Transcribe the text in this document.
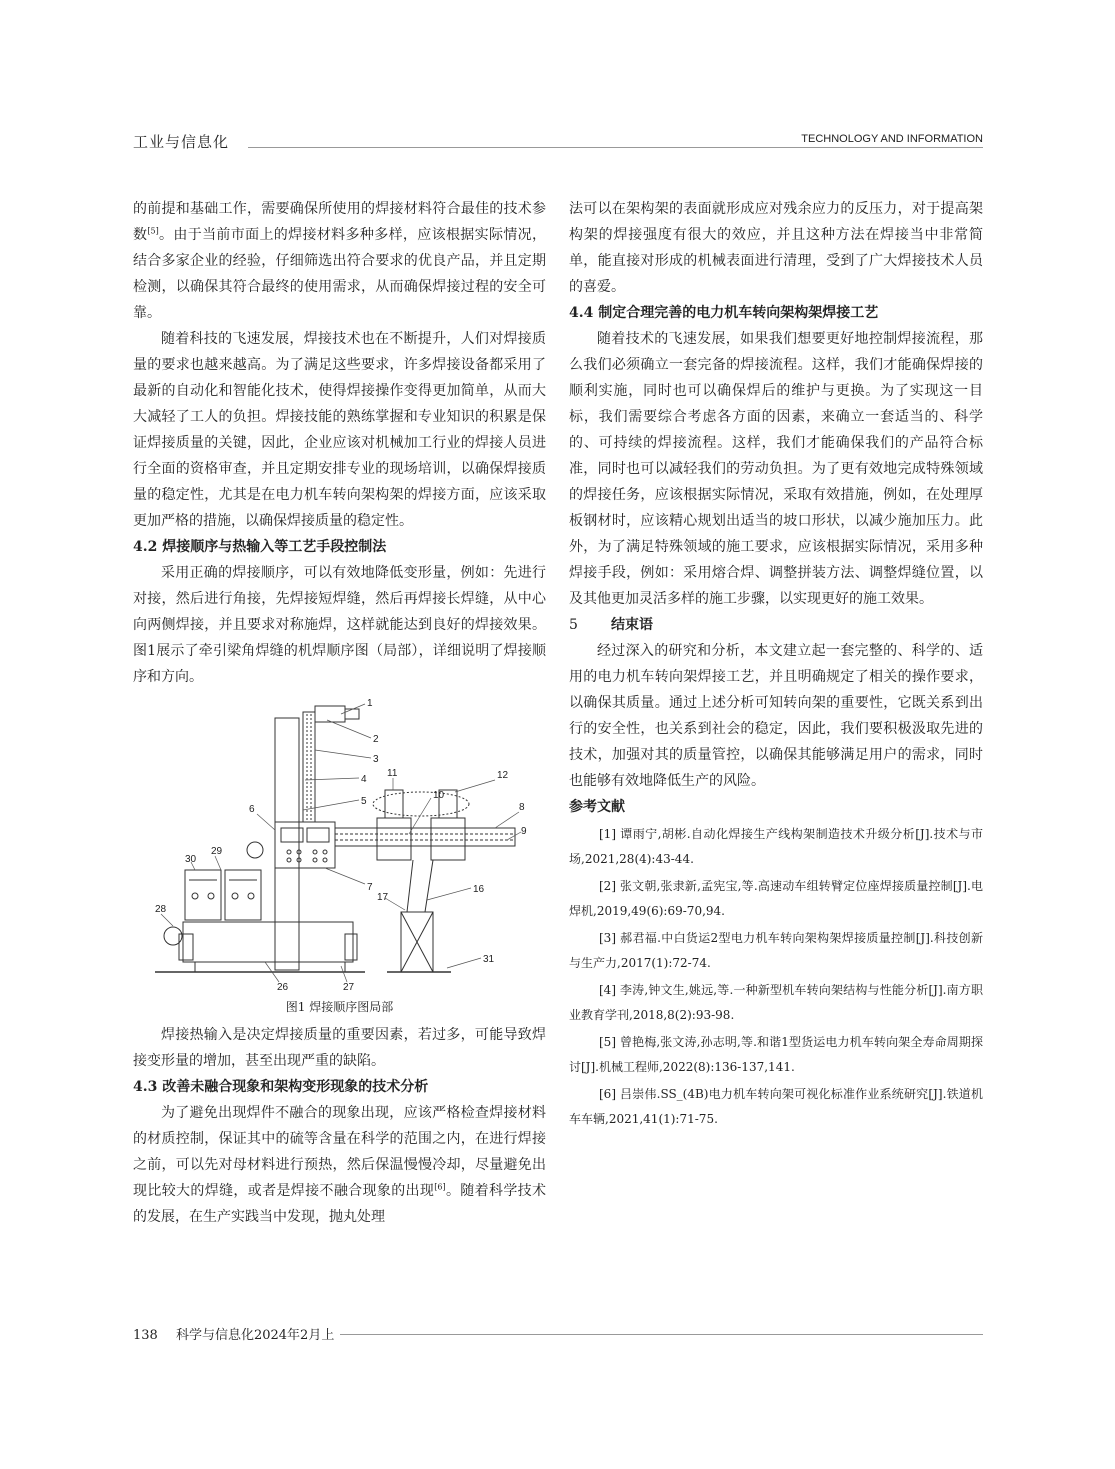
工业与信息化	TECHNOLOGY AND INFORMATION

的前提和基础工作，需要确保所使用的焊接材料符合最佳的技术参数[5]。由于当前市面上的焊接材料多种多样，应该根据实际情况，结合多家企业的经验，仔细筛选出符合要求的优良产品，并且定期检测，以确保其符合最终的使用需求，从而确保焊接过程的安全可靠。

随着科技的飞速发展，焊接技术也在不断提升，人们对焊接质量的要求也越来越高。为了满足这些要求，许多焊接设备都采用了最新的自动化和智能化技术，使得焊接操作变得更加简单，从而大大减轻了工人的负担。焊接技能的熟练掌握和专业知识的积累是保证焊接质量的关键，因此，企业应该对机械加工行业的焊接人员进行全面的资格审查，并且定期安排专业的现场培训，以确保焊接质量的稳定性，尤其是在电力机车转向架构架的焊接方面，应该采取更加严格的措施，以确保焊接质量的稳定性。

4.2 焊接顺序与热输入等工艺手段控制法

采用正确的焊接顺序，可以有效地降低变形量，例如：先进行对接，然后进行角接，先焊接短焊缝，然后再焊接长焊缝，从中心向两侧焊接，并且要求对称施焊，这样就能达到良好的焊接效果。图1展示了牵引梁角焊缝的机焊顺序图（局部），详细说明了焊接顺序和方向。

1
2
3
4
5
6
7
8
9
10
11	12
16
17
26	27
28
29
30
31
图1 焊接顺序图局部

焊接热输入是决定焊接质量的重要因素，若过多，可能导致焊接变形量的增加，甚至出现严重的缺陷。

4.3 改善未融合现象和架构变形现象的技术分析

为了避免出现焊件不融合的现象出现，应该严格检查焊接材料的材质控制，保证其中的硫等含量在科学的范围之内，在进行焊接之前，可以先对母材料进行预热，然后保温慢慢冷却，尽量避免出现比较大的焊缝，或者是焊接不融合现象的出现[6]。随着科学技术的发展，在生产实践当中发现，抛丸处理

法可以在架构架的表面就形成应对残余应力的反压力，对于提高架构架的焊接强度有很大的效应，并且这种方法在焊接当中非常简单，能直接对形成的机械表面进行清理，受到了广大焊接技术人员的喜爱。

4.4 制定合理完善的电力机车转向架构架焊接工艺

随着技术的飞速发展，如果我们想要更好地控制焊接流程，那么我们必须确立一套完备的焊接流程。这样，我们才能确保焊接的顺利实施，同时也可以确保焊后的维护与更换。为了实现这一目标，我们需要综合考虑各方面的因素，来确立一套适当的、科学的、可持续的焊接流程。这样，我们才能确保我们的产品符合标准，同时也可以减轻我们的劳动负担。为了更有效地完成特殊领域的焊接任务，应该根据实际情况，采取有效措施，例如，在处理厚板钢材时，应该精心规划出适当的坡口形状，以减少施加压力。此外，为了满足特殊领域的施工要求，应该根据实际情况，采用多种焊接手段，例如：采用熔合焊、调整拼装方法、调整焊缝位置，以及其他更加灵活多样的施工步骤，以实现更好的施工效果。

5 结束语

经过深入的研究和分析，本文建立起一套完整的、科学的、适用的电力机车转向架焊接工艺，并且明确规定了相关的操作要求，以确保其质量。通过上述分析可知转向架的重要性，它既关系到出行的安全性，也关系到社会的稳定，因此，我们要积极汲取先进的技术，加强对其的质量管控，以确保其能够满足用户的需求，同时也能够有效地降低生产的风险。

参考文献

[1] 谭雨宁,胡彬.自动化焊接生产线构架制造技术升级分析[J].技术与市场,2021,28(4):43-44.

[2] 张文朝,张隶新,孟宪宝,等.高速动车组转臂定位座焊接质量控制[J].电焊机,2019,49(6):69-70,94.

[3] 郝君福.中白货运2型电力机车转向架构架焊接质量控制[J].科技创新与生产力,2017(1):72-74.

[4] 李涛,钟文生,姚远,等.一种新型机车转向架结构与性能分析[J].南方职业教育学刊,2018,8(2):93-98.

[5] 曾艳梅,张文涛,孙志明,等.和谐1型货运电力机车转向架全寿命周期探讨[J].机械工程师,2022(8):136-137,141.

[6] 吕崇伟.SS_(4B)电力机车转向架可视化标准作业系统研究[J].铁道机车车辆,2021,41(1):71-75.

138 科学与信息化2024年2月上
